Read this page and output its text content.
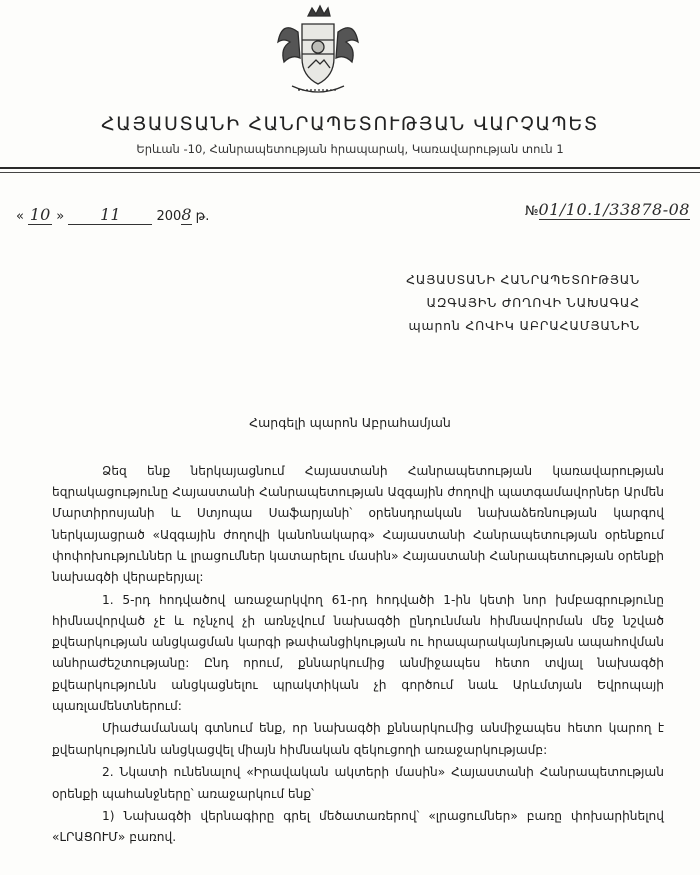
ՀԱՅԱՍՏԱՆԻ ՀԱՆՐԱՊԵՏՈՒԹՅԱՆ ՎԱՐՉԱՊԵՏ
Երևան -10, Հանրապետության հրապարակ, Կառավարության տուն 1
« 10 » 11	2008 թ.	№01/10.1/33878-08
ՀԱՅԱՍՏԱՆԻ ՀԱՆՐԱՊԵՏՈՒԹՅԱՆ
ԱԶԳԱՅԻՆ ԺՈՂՈՎԻ ՆԱԽԱԳԱՀ
պարոն ՀՈՎԻԿ ԱԲՐԱՀԱՄՅԱՆԻՆ
Հարգելի պարոն Աբրահամյան

Ձեզ ենք ներկայացնում Հայաստանի Հանրապետության կառավարության եզրակացությունը Հայաստանի Հանրապետության Ազգային ժողովի պատգամավորներ Արմեն Մարտիրոսյանի և Ստյոպա Սաֆարյանի՝ օրենսդրական նախաձեռնության կարգով ներկայացրած «Ազգային ժողովի կանոնակարգ» Հայաստանի Հանրապետության օրենքում փոփոխություններ և լրացումներ կատարելու մասին» Հայաստանի Հանրապետության օրենքի նախագծի վերաբերյալ:

1. 5-րդ հոդվածով առաջարկվող 61-րդ հոդվածի 1-ին կետի նոր խմբագրությունը հիմնավորված չէ և ոչնչով չի առնչվում նախագծի ընդունման հիմնավորման մեջ նշված քվեարկության անցկացման կարգի թափանցիկության ու հրապարակայնության ապահովման անհրաժեշտությանը: Ընդ որում, քննարկումից անմիջապես հետո տվյալ նախագծի քվեարկությունն անցկացնելու պրակտիկան չի գործում նաև Արևմտյան Եվրոպայի պառլամենտներում:

Միաժամանակ գտնում ենք, որ նախագծի քննարկումից անմիջապես հետո կարող է քվեարկությունն անցկացվել միայն հիմնական զեկուցողի առաջարկությամբ:

2. Նկատի ունենալով «Իրավական ակտերի մասին» Հայաստանի Հանրապետության օրենքի պահանջները՝ առաջարկում ենք՝

1) Նախագծի վերնագիրը գրել մեծատառերով՝ «լրացումներ» բառը փոխարինելով «ԼՐԱՑՈՒՄ» բառով.
